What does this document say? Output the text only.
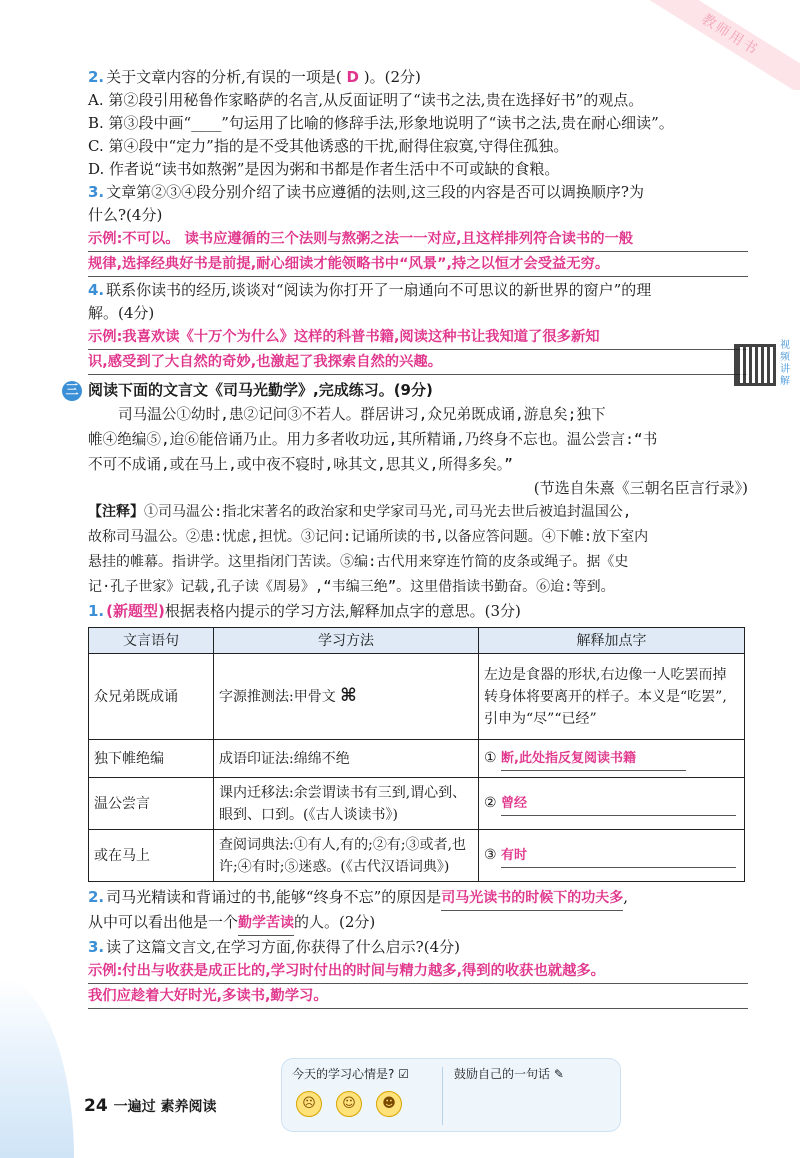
教师用书
2. 关于文章内容的分析,有误的一项是( D )。(2分)
A. 第②段引用秘鲁作家略萨的名言,从反面证明了“读书之法,贵在选择好书”的观点。
B. 第③段中画“____”句运用了比喻的修辞手法,形象地说明了“读书之法,贵在耐心细读”。
C. 第④段中“定力”指的是不受其他诱惑的干扰,耐得住寂寞,守得住孤独。
D. 作者说“读书如熬粥”是因为粥和书都是作者生活中不可或缺的食粮。
3. 文章第②③④段分别介绍了读书应遵循的法则,这三段的内容是否可以调换顺序?为
什么?(4分)
示例:不可以。 读书应遵循的三个法则与熬粥之法一一对应,且这样排列符合读书的一般
规律,选择经典好书是前提,耐心细读才能领略书中“风景”,持之以恒才会受益无穷。
4. 联系你读书的经历,谈谈对“阅读为你打开了一扇通向不可思议的新世界的窗户”的理
解。(4分)
示例:我喜欢读《十万个为什么》这样的科普书籍,阅读这种书让我知道了很多新知
识,感受到了大自然的奇妙,也激起了我探索自然的兴趣。
三 阅读下面的文言文《司马光勤学》,完成练习。(9分)
司马温公①幼时,患②记问③不若人。群居讲习,众兄弟既成诵,游息矣;独下
帷④绝编⑤,迨⑥能倍诵乃止。用力多者收功远,其所精诵,乃终身不忘也。温公尝言:“书
不可不成诵,或在马上,或中夜不寝时,咏其文,思其义,所得多矣。”
(节选自朱熹《三朝名臣言行录》)
【注释】①司马温公:指北宋著名的政治家和史学家司马光,司马光去世后被追封温国公,
故称司马温公。②患:忧虑,担忧。③记问:记诵所读的书,以备应答问题。④下帷:放下室内
悬挂的帷幕。指讲学。这里指闭门苦读。⑤编:古代用来穿连竹简的皮条或绳子。据《史
记·孔子世家》记载,孔子读《周易》,“韦编三绝”。这里借指读书勤奋。⑥迨:等到。
1. (新题型)根据表格内提示的学习方法,解释加点字的意思。(3分)
文言语句	学习方法	解释加点字
众兄弟既成诵	字源推测法:甲骨文 ⌘	左边是食器的形状,右边像一人吃罢而掉转身体将要离开的样子。本义是“吃罢”,引申为“尽”“已经”
独下帷绝编	成语印证法:绵绵不绝	① 断,此处指反复阅读书籍
温公尝言	课内迁移法:余尝谓读书有三到,谓心到、眼到、口到。(《古人谈读书》)	② 曾经
或在马上	查阅词典法:①有人,有的;②有;③或者,也许;④有时;⑤迷惑。(《古代汉语词典》)	③ 有时
2. 司马光精读和背诵过的书,能够“终身不忘”的原因是司马光读书的时候下的功夫多,
从中可以看出他是一个勤学苦读的人。(2分)
3. 读了这篇文言文,在学习方面,你获得了什么启示?(4分)
示例:付出与收获是成正比的,学习时付出的时间与精力越多,得到的收获也就越多。
我们应趁着大好时光,多读书,勤学习。
视频讲解
24 一遍过 素养阅读
今天的学习心情是? ☑
☹	☺	☻
鼓励自己的一句话 ✎
